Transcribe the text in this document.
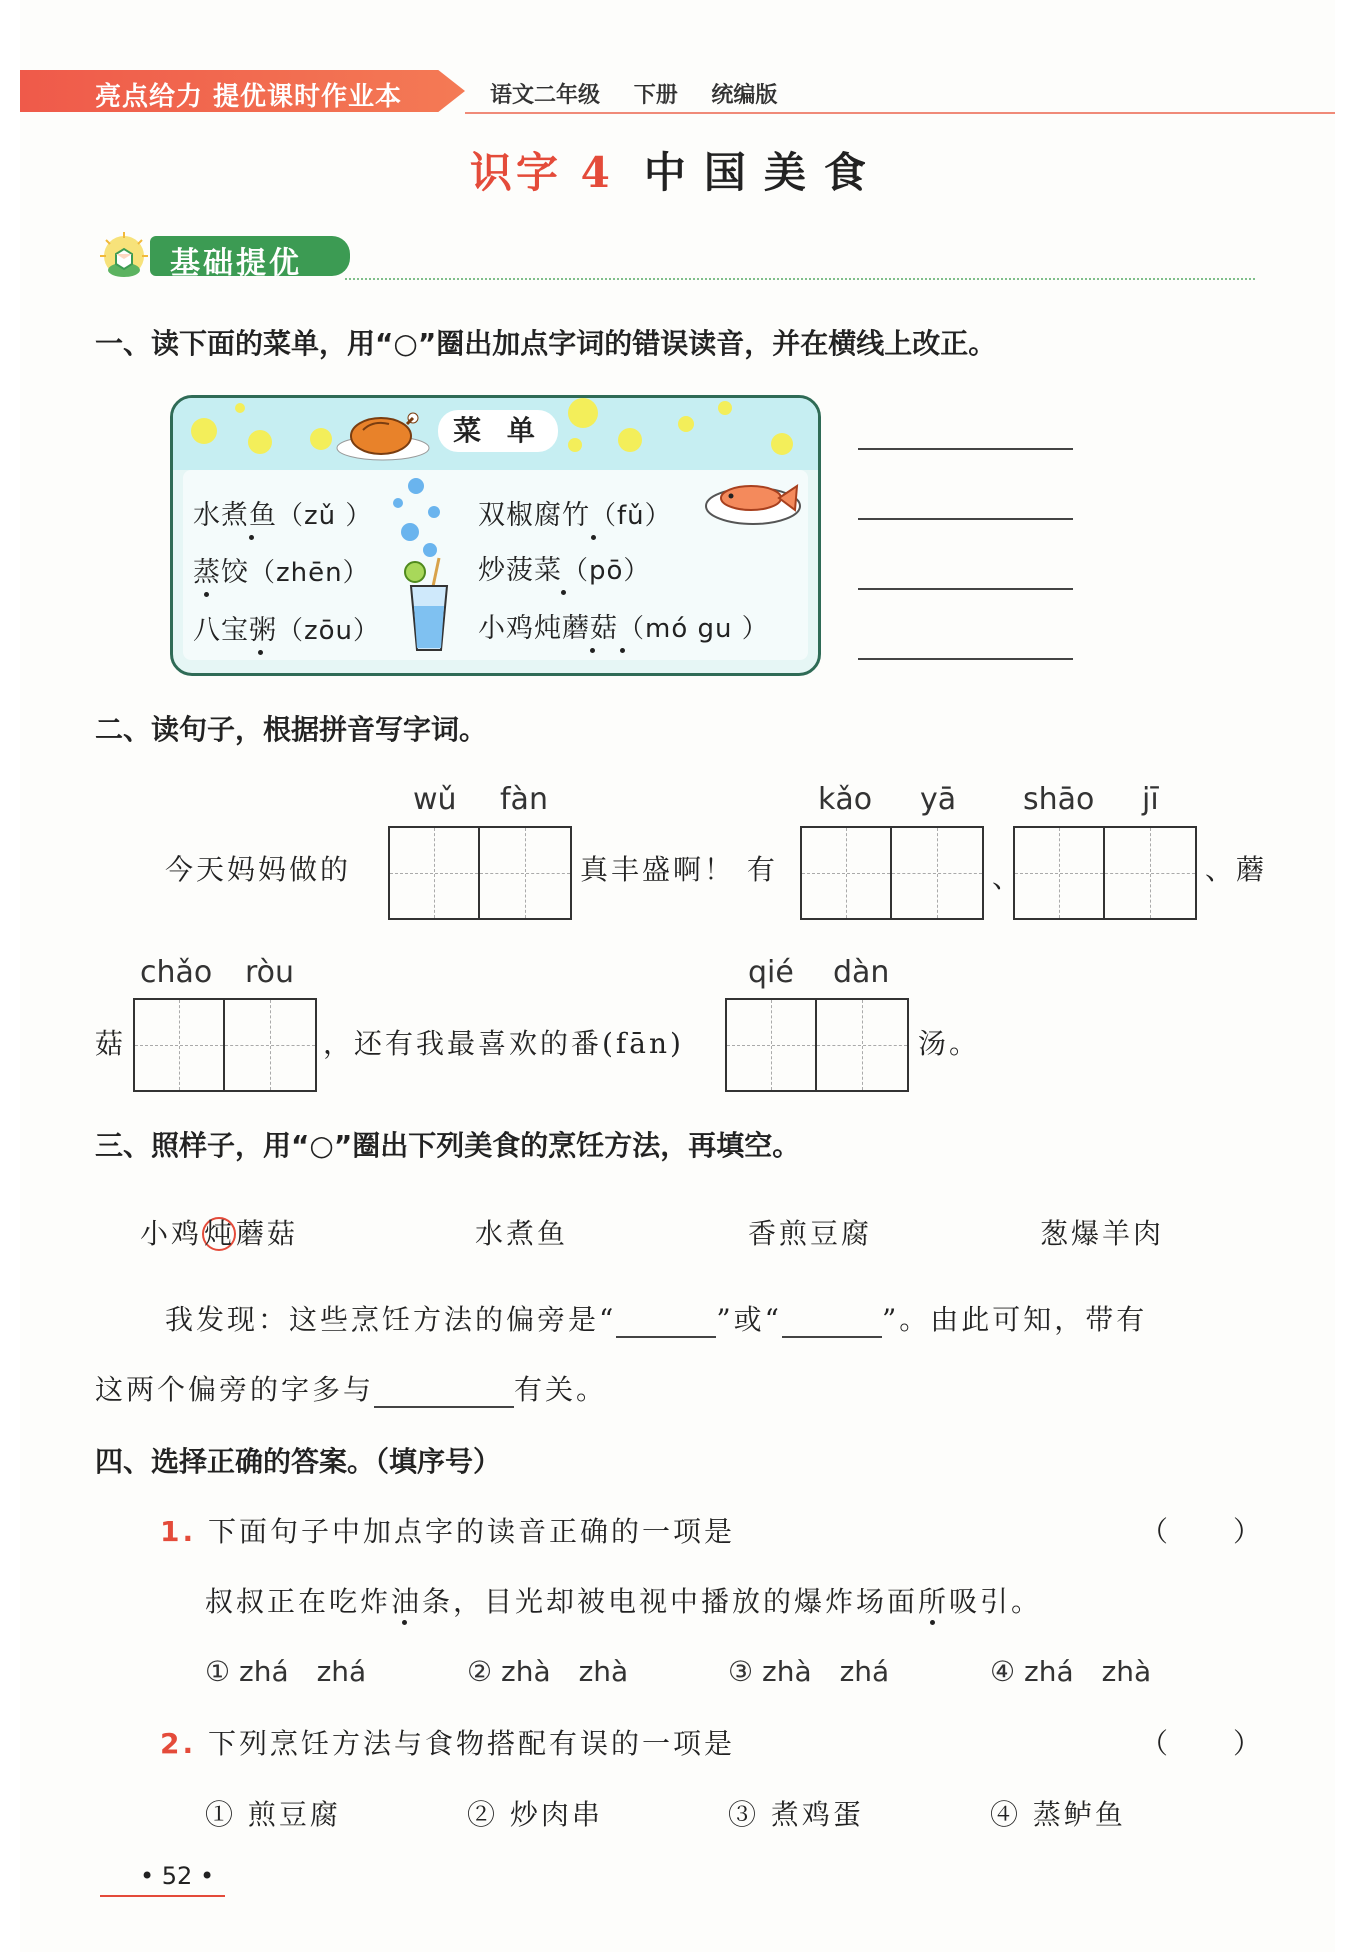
亮点给力 提优课时作业本	语文二年级 下册 统编版
识字 4 中国美食
基础提优
一、读下面的菜单，用“○”圈出加点字词的错误读音，并在横线上改正。
菜 单
水煮鱼（zǔ ）	双椒腐竹（fǔ）
蒸饺（zhēn）	炒菠菜（pō）
八宝粥（zōu）	小鸡炖蘑菇（mó gu ）
二、读句子，根据拼音写字词。
wǔ fàn	kǎo yā shāo jī
今天妈妈做的	真丰盛啊！ 有	、	、蘑
chǎo ròu	qié dàn
菇	，还有我最喜欢的番(fān)	汤。
三、照样子，用“○”圈出下列美食的烹饪方法，再填空。
小鸡炖蘑菇	水煮鱼	香煎豆腐	葱爆羊肉
我发现：这些烹饪方法的偏旁是“	”或“	”。由此可知，带有
这两个偏旁的字多与	有关。
四、选择正确的答案。（填序号）
1. 下面句子中加点字的读音正确的一项是	（　　）
叔叔正在吃炸油条，目光却被电视中播放的爆炸场面所吸引。
① zhá　zhá	② zhà　zhà	③ zhà　zhá	④ zhá　zhà
2. 下列烹饪方法与食物搭配有误的一项是	（　　）
① 煎豆腐	② 炒肉串	③ 煮鸡蛋	④ 蒸鲈鱼
• 52 •
